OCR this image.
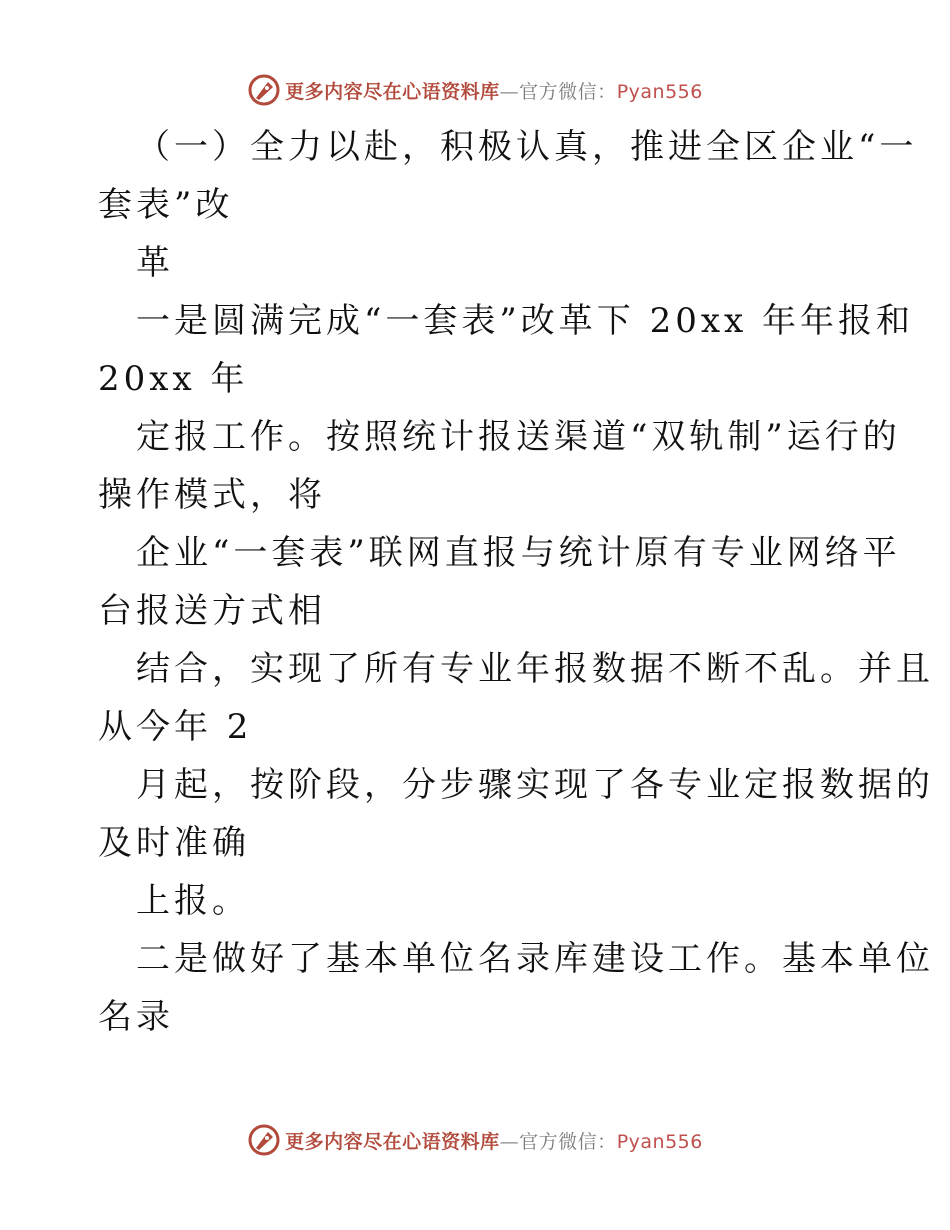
更多内容尽在心语资料库—官方微信：Pyan556
（一）全力以赴，积极认真，推进全区企业“一
套表”改
革
一是圆满完成“一套表”改革下 20xx 年年报和
20xx 年
定报工作。按照统计报送渠道“双轨制”运行的
操作模式，将
企业“一套表”联网直报与统计原有专业网络平
台报送方式相
结合，实现了所有专业年报数据不断不乱。并且
从今年 2
月起，按阶段，分步骤实现了各专业定报数据的
及时准确
上报。
二是做好了基本单位名录库建设工作。基本单位
名录
更多内容尽在心语资料库—官方微信：Pyan556
